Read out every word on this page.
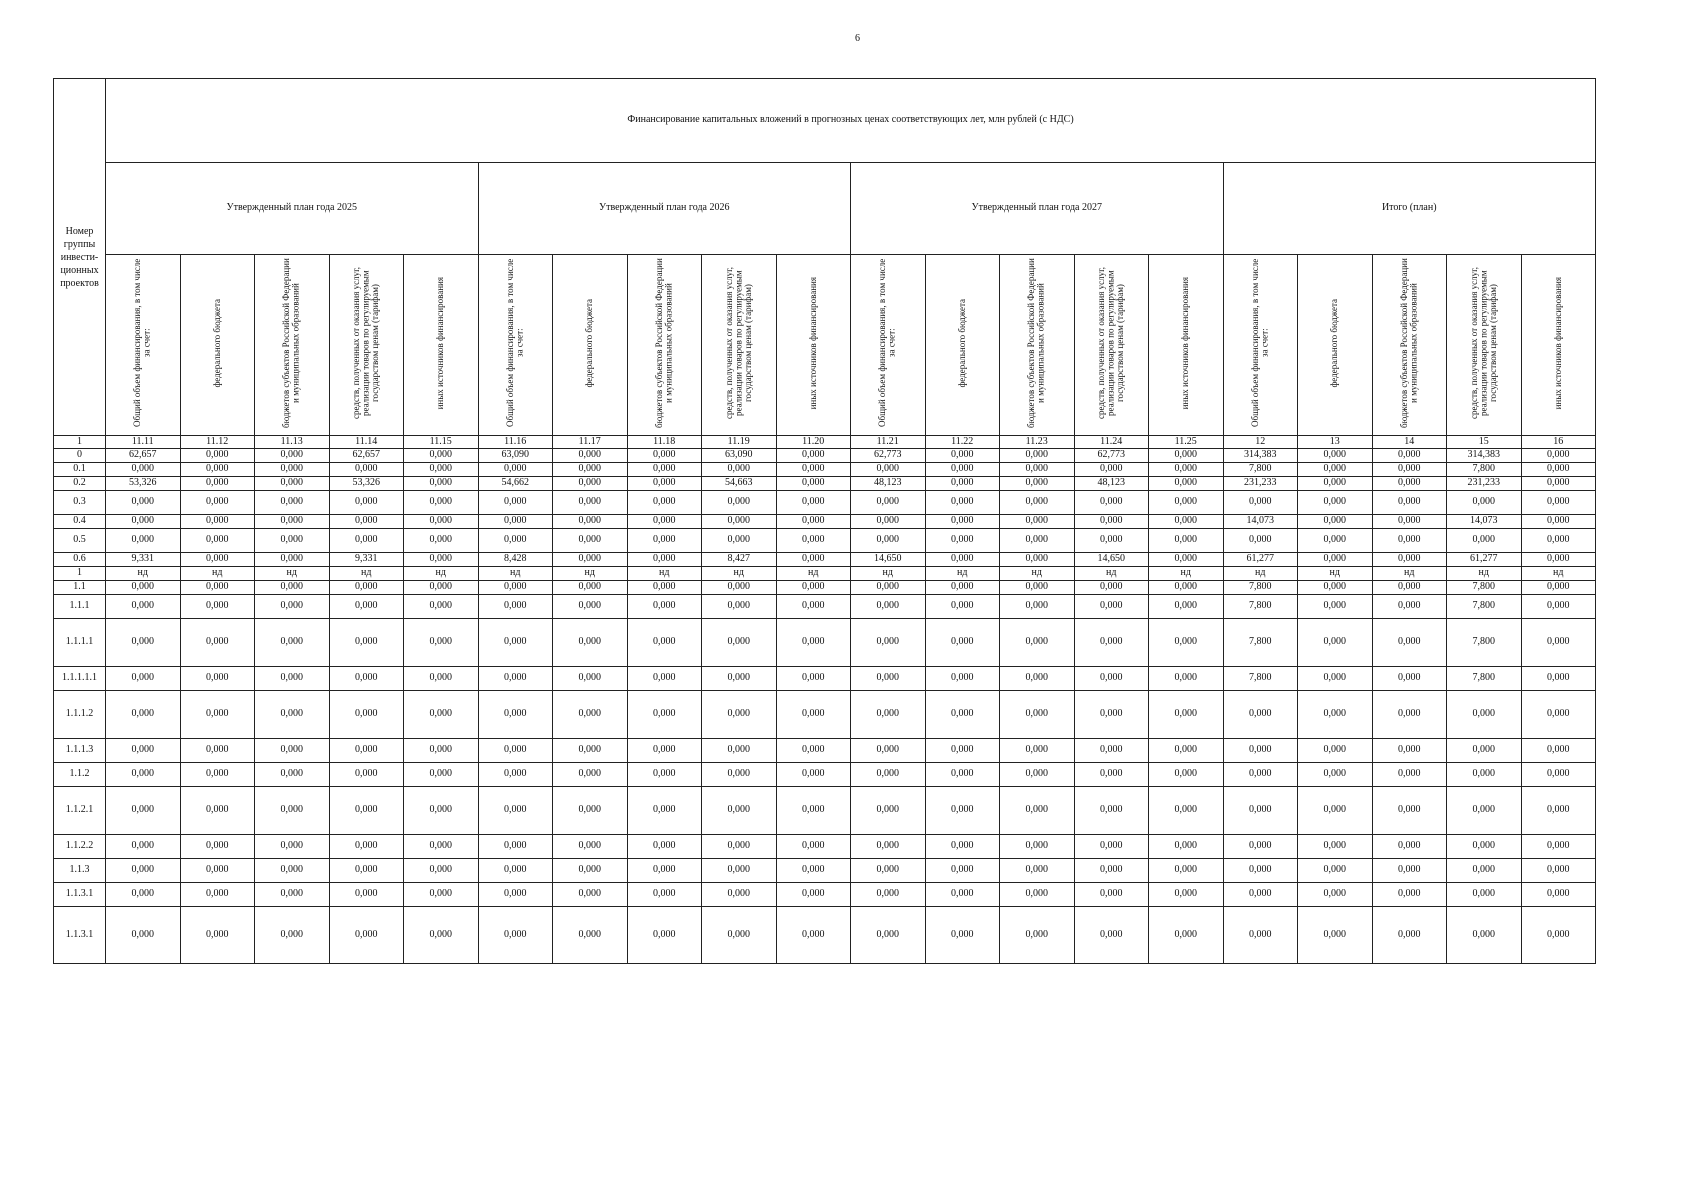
6
Номер группы инвести-ционных проектов	Финансирование капитальных вложений в прогнозных ценах соответствующих лет, млн рублей (с НДС)																			
	Утвержденный план года 2025					Утвержденный план года 2026					Утвержденный план года 2027					Итого (план)				
	Общий объем финансирования, в том числе за счет:	федерального бюджета	бюджетов субъектов Российской Федерации и муниципальных образований	средств, полученных от оказания услуг, реализации товаров по регулируемым государством ценам (тарифам)	иных источников финансирования	Общий объем финансирования, в том числе за счет:	федерального бюджета	бюджетов субъектов Российской Федерации и муниципальных образований	средств, полученных от оказания услуг, реализации товаров по регулируемым государством ценам (тарифам)	иных источников финансирования	Общий объем финансирования, в том числе за счет:	федерального бюджета	бюджетов субъектов Российской Федерации и муниципальных образований	средств, полученных от оказания услуг, реализации товаров по регулируемым государством ценам (тарифам)	иных источников финансирования	Общий объем финансирования, в том числе за счет:	федерального бюджета	бюджетов субъектов Российской Федерации и муниципальных образований	средств, полученных от оказания услуг, реализации товаров по регулируемым государством ценам (тарифам)	иных источников финансирования
1	11.11	11.12	11.13	11.14	11.15	11.16	11.17	11.18	11.19	11.20	11.21	11.22	11.23	11.24	11.25	12	13	14	15	16
0	62,657	0,000	0,000	62,657	0,000	63,090	0,000	0,000	63,090	0,000	62,773	0,000	0,000	62,773	0,000	314,383	0,000	0,000	314,383	0,000
0.1	0,000	0,000	0,000	0,000	0,000	0,000	0,000	0,000	0,000	0,000	0,000	0,000	0,000	0,000	0,000	7,800	0,000	0,000	7,800	0,000
0.2	53,326	0,000	0,000	53,326	0,000	54,662	0,000	0,000	54,663	0,000	48,123	0,000	0,000	48,123	0,000	231,233	0,000	0,000	231,233	0,000
0.3	0,000	0,000	0,000	0,000	0,000	0,000	0,000	0,000	0,000	0,000	0,000	0,000	0,000	0,000	0,000	0,000	0,000	0,000	0,000	0,000
0.4	0,000	0,000	0,000	0,000	0,000	0,000	0,000	0,000	0,000	0,000	0,000	0,000	0,000	0,000	0,000	14,073	0,000	0,000	14,073	0,000
0.5	0,000	0,000	0,000	0,000	0,000	0,000	0,000	0,000	0,000	0,000	0,000	0,000	0,000	0,000	0,000	0,000	0,000	0,000	0,000	0,000
0.6	9,331	0,000	0,000	9,331	0,000	8,428	0,000	0,000	8,427	0,000	14,650	0,000	0,000	14,650	0,000	61,277	0,000	0,000	61,277	0,000
1	нд	нд	нд	нд	нд	нд	нд	нд	нд	нд	нд	нд	нд	нд	нд	нд	нд	нд	нд	нд
1.1	0,000	0,000	0,000	0,000	0,000	0,000	0,000	0,000	0,000	0,000	0,000	0,000	0,000	0,000	0,000	7,800	0,000	0,000	7,800	0,000
1.1.1	0,000	0,000	0,000	0,000	0,000	0,000	0,000	0,000	0,000	0,000	0,000	0,000	0,000	0,000	0,000	7,800	0,000	0,000	7,800	0,000
1.1.1.1	0,000	0,000	0,000	0,000	0,000	0,000	0,000	0,000	0,000	0,000	0,000	0,000	0,000	0,000	0,000	7,800	0,000	0,000	7,800	0,000
1.1.1.1.1	0,000	0,000	0,000	0,000	0,000	0,000	0,000	0,000	0,000	0,000	0,000	0,000	0,000	0,000	0,000	7,800	0,000	0,000	7,800	0,000
1.1.1.2	0,000	0,000	0,000	0,000	0,000	0,000	0,000	0,000	0,000	0,000	0,000	0,000	0,000	0,000	0,000	0,000	0,000	0,000	0,000	0,000
1.1.1.3	0,000	0,000	0,000	0,000	0,000	0,000	0,000	0,000	0,000	0,000	0,000	0,000	0,000	0,000	0,000	0,000	0,000	0,000	0,000	0,000
1.1.2	0,000	0,000	0,000	0,000	0,000	0,000	0,000	0,000	0,000	0,000	0,000	0,000	0,000	0,000	0,000	0,000	0,000	0,000	0,000	0,000
1.1.2.1	0,000	0,000	0,000	0,000	0,000	0,000	0,000	0,000	0,000	0,000	0,000	0,000	0,000	0,000	0,000	0,000	0,000	0,000	0,000	0,000
1.1.2.2	0,000	0,000	0,000	0,000	0,000	0,000	0,000	0,000	0,000	0,000	0,000	0,000	0,000	0,000	0,000	0,000	0,000	0,000	0,000	0,000
1.1.3	0,000	0,000	0,000	0,000	0,000	0,000	0,000	0,000	0,000	0,000	0,000	0,000	0,000	0,000	0,000	0,000	0,000	0,000	0,000	0,000
1.1.3.1	0,000	0,000	0,000	0,000	0,000	0,000	0,000	0,000	0,000	0,000	0,000	0,000	0,000	0,000	0,000	0,000	0,000	0,000	0,000	0,000
1.1.3.1	0,000	0,000	0,000	0,000	0,000	0,000	0,000	0,000	0,000	0,000	0,000	0,000	0,000	0,000	0,000	0,000	0,000	0,000	0,000	0,000
